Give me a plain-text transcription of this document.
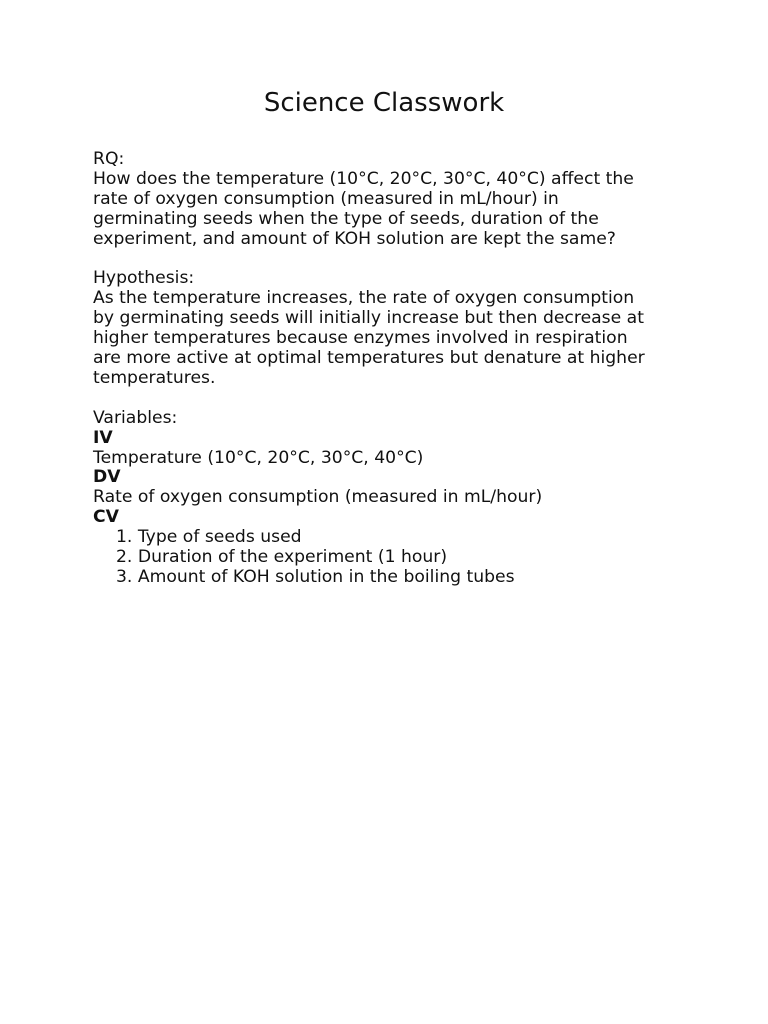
Science Classwork
RQ:
How does the temperature (10°C, 20°C, 30°C, 40°C) affect the
rate of oxygen consumption (measured in mL/hour) in
germinating seeds when the type of seeds, duration of the
experiment, and amount of KOH solution are kept the same?
Hypothesis:
As the temperature increases, the rate of oxygen consumption
by germinating seeds will initially increase but then decrease at
higher temperatures because enzymes involved in respiration
are more active at optimal temperatures but denature at higher
temperatures.
Variables:
IV
Temperature (10°C, 20°C, 30°C, 40°C)
DV
Rate of oxygen consumption (measured in mL/hour)
CV
1. Type of seeds used
2. Duration of the experiment (1 hour)
3. Amount of KOH solution in the boiling tubes
